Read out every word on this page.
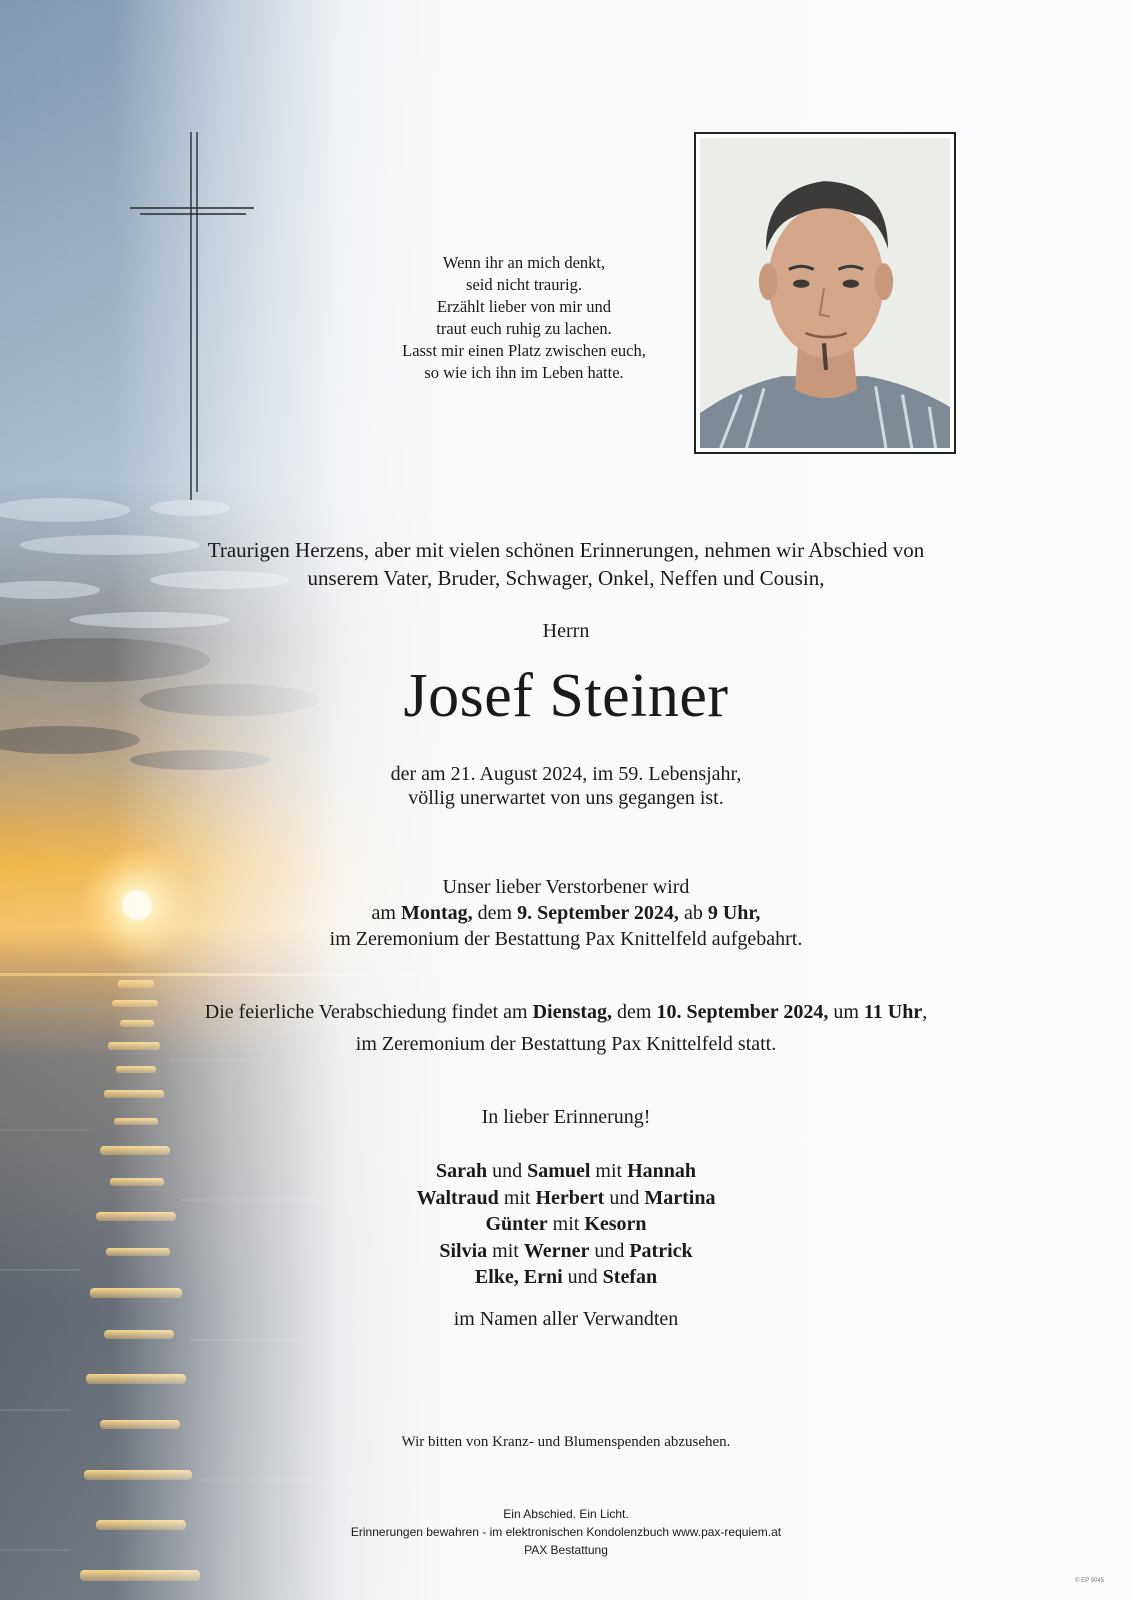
Wenn ihr an mich denkt,
seid nicht traurig.
Erzählt lieber von mir und
traut euch ruhig zu lachen.
Lasst mir einen Platz zwischen euch,
so wie ich ihn im Leben hatte.
Traurigen Herzens, aber mit vielen schönen Erinnerungen, nehmen wir Abschied von
unserem Vater, Bruder, Schwager, Onkel, Neffen und Cousin,
Herrn
Josef Steiner
der am 21. August 2024, im 59. Lebensjahr,
völlig unerwartet von uns gegangen ist.
Unser lieber Verstorbener wird
am Montag, dem 9. September 2024, ab 9 Uhr,
im Zeremonium der Bestattung Pax Knittelfeld aufgebahrt.
Die feierliche Verabschiedung findet am Dienstag, dem 10. September 2024, um 11 Uhr,
im Zeremonium der Bestattung Pax Knittelfeld statt.
In lieber Erinnerung!
Sarah und Samuel mit Hannah
Waltraud mit Herbert und Martina
Günter mit Kesorn
Silvia mit Werner und Patrick
Elke, Erni und Stefan
im Namen aller Verwandten
Wir bitten von Kranz- und Blumenspenden abzusehen.
Ein Abschied. Ein Licht.
Erinnerungen bewahren - im elektronischen Kondolenzbuch www.pax-requiem.at
PAX Bestattung
© EP 9045
